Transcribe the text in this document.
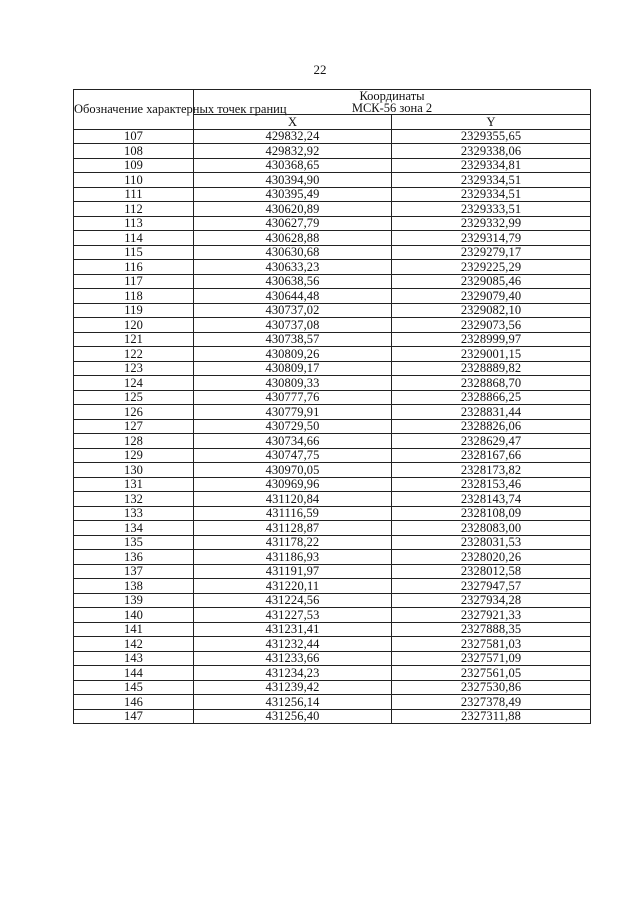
22
Обозначение характерных точек границ	Координаты
МСК-56 зона 2	
	X	Y
107	429832,24	2329355,65
108	429832,92	2329338,06
109	430368,65	2329334,81
110	430394,90	2329334,51
111	430395,49	2329334,51
112	430620,89	2329333,51
113	430627,79	2329332,99
114	430628,88	2329314,79
115	430630,68	2329279,17
116	430633,23	2329225,29
117	430638,56	2329085,46
118	430644,48	2329079,40
119	430737,02	2329082,10
120	430737,08	2329073,56
121	430738,57	2328999,97
122	430809,26	2329001,15
123	430809,17	2328889,82
124	430809,33	2328868,70
125	430777,76	2328866,25
126	430779,91	2328831,44
127	430729,50	2328826,06
128	430734,66	2328629,47
129	430747,75	2328167,66
130	430970,05	2328173,82
131	430969,96	2328153,46
132	431120,84	2328143,74
133	431116,59	2328108,09
134	431128,87	2328083,00
135	431178,22	2328031,53
136	431186,93	2328020,26
137	431191,97	2328012,58
138	431220,11	2327947,57
139	431224,56	2327934,28
140	431227,53	2327921,33
141	431231,41	2327888,35
142	431232,44	2327581,03
143	431233,66	2327571,09
144	431234,23	2327561,05
145	431239,42	2327530,86
146	431256,14	2327378,49
147	431256,40	2327311,88
